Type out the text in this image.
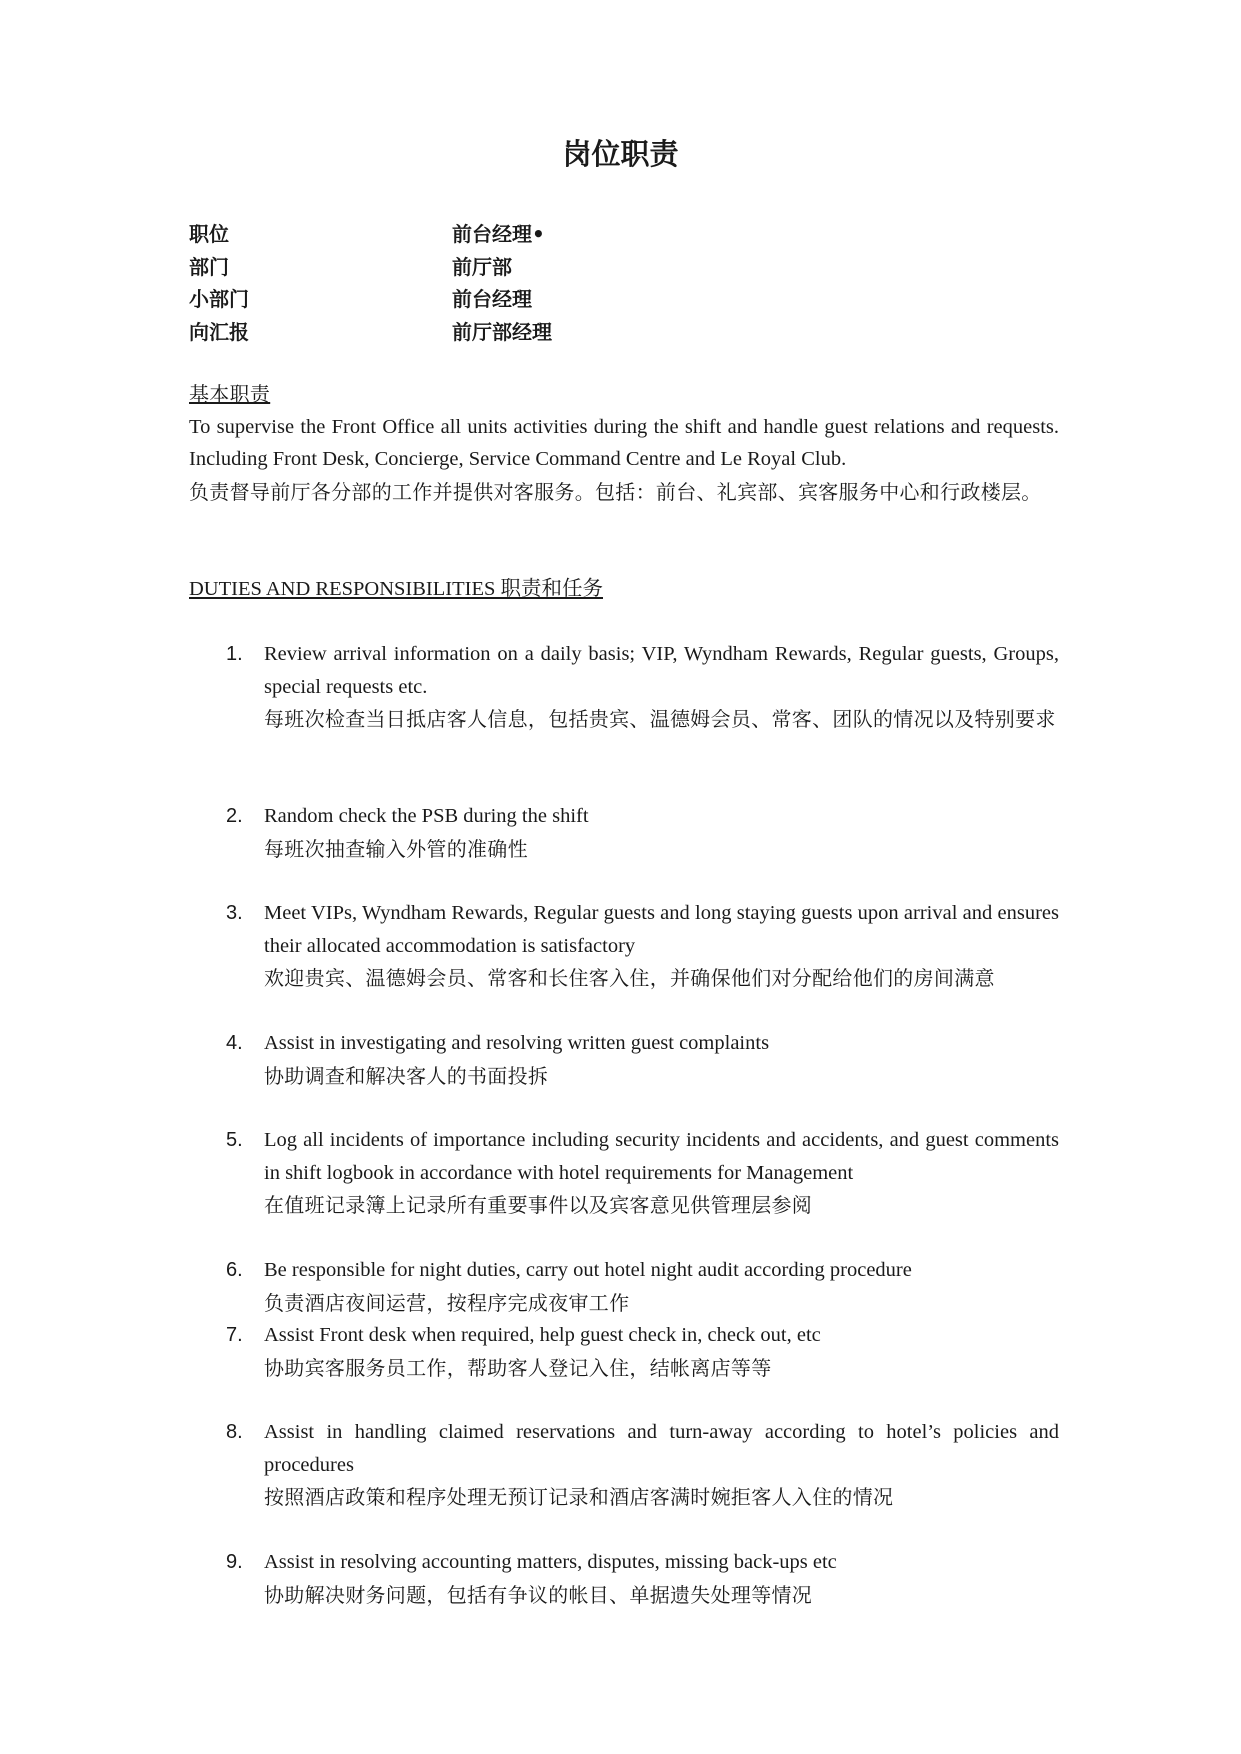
岗位职责
职位	前台经理•
部门	前厅部
小部门	前台经理
向汇报	前厅部经理
基本职责
To supervise the Front Office all units activities during the shift and handle guest relations and requests. Including Front Desk, Concierge, Service Command Centre and Le Royal Club.
负责督导前厅各分部的工作并提供对客服务。包括：前台、礼宾部、宾客服务中心和行政楼层。
DUTIES AND RESPONSIBILITIES 职责和任务
1. Review arrival information on a daily basis; VIP, Wyndham Rewards, Regular guests, Groups, special requests etc.
每班次检查当日抵店客人信息，包括贵宾、温德姆会员、常客、团队的情况以及特别要求
2. Random check the PSB during the shift
每班次抽查输入外管的准确性
3. Meet VIPs, Wyndham Rewards, Regular guests and long staying guests upon arrival and ensures their allocated accommodation is satisfactory
欢迎贵宾、温德姆会员、常客和长住客入住，并确保他们对分配给他们的房间满意
4. Assist in investigating and resolving written guest complaints
协助调查和解决客人的书面投拆
5. Log all incidents of importance including security incidents and accidents, and guest comments in shift logbook in accordance with hotel requirements for Management
在值班记录簿上记录所有重要事件以及宾客意见供管理层参阅
6. Be responsible for night duties, carry out hotel night audit according procedure
负责酒店夜间运营，按程序完成夜审工作
7. Assist Front desk when required, help guest check in, check out, etc
协助宾客服务员工作，帮助客人登记入住，结帐离店等等
8. Assist in handling claimed reservations and turn-away according to hotel’s policies and procedures
按照酒店政策和程序处理无预订记录和酒店客满时婉拒客人入住的情况
9. Assist in resolving accounting matters, disputes, missing back-ups etc
协助解决财务问题，包括有争议的帐目、单据遗失处理等情况
